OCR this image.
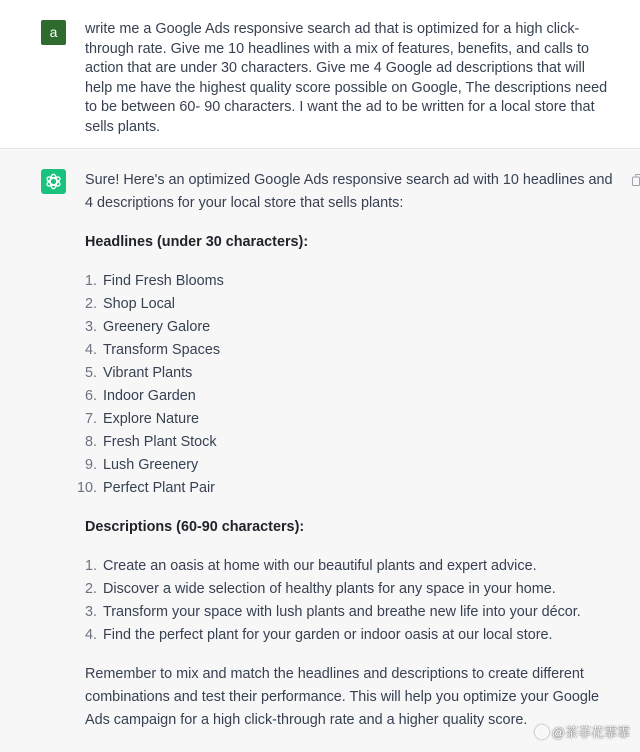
a	write me a Google Ads responsive search ad that is optimized for a high click-through rate. Give me 10 headlines with a mix of features, benefits, and calls to action that are under 30 characters. Give me 4 Google ad descriptions that will help me have the highest quality score possible on Google, The descriptions need to be between 60- 90 characters. I want the ad to be written for a local store that sells plants.

Sure! Here's an optimized Google Ads responsive search ad with 10 headlines and 4 descriptions for your local store that sells plants:

Headlines (under 30 characters):

1. Find Fresh Blooms
2. Shop Local
3. Greenery Galore
4. Transform Spaces
5. Vibrant Plants
6. Indoor Garden
7. Explore Nature
8. Fresh Plant Stock
9. Lush Greenery
10. Perfect Plant Pair

Descriptions (60-90 characters):

1. Create an oasis at home with our beautiful plants and expert advice.
2. Discover a wide selection of healthy plants for any space in your home.
3. Transform your space with lush plants and breathe new life into your décor.
4. Find the perfect plant for your garden or indoor oasis at our local store.

Remember to mix and match the headlines and descriptions to create different combinations and test their performance. This will help you optimize your Google Ads campaign for a high click-through rate and a higher quality score.

@茶菲花霏霏
